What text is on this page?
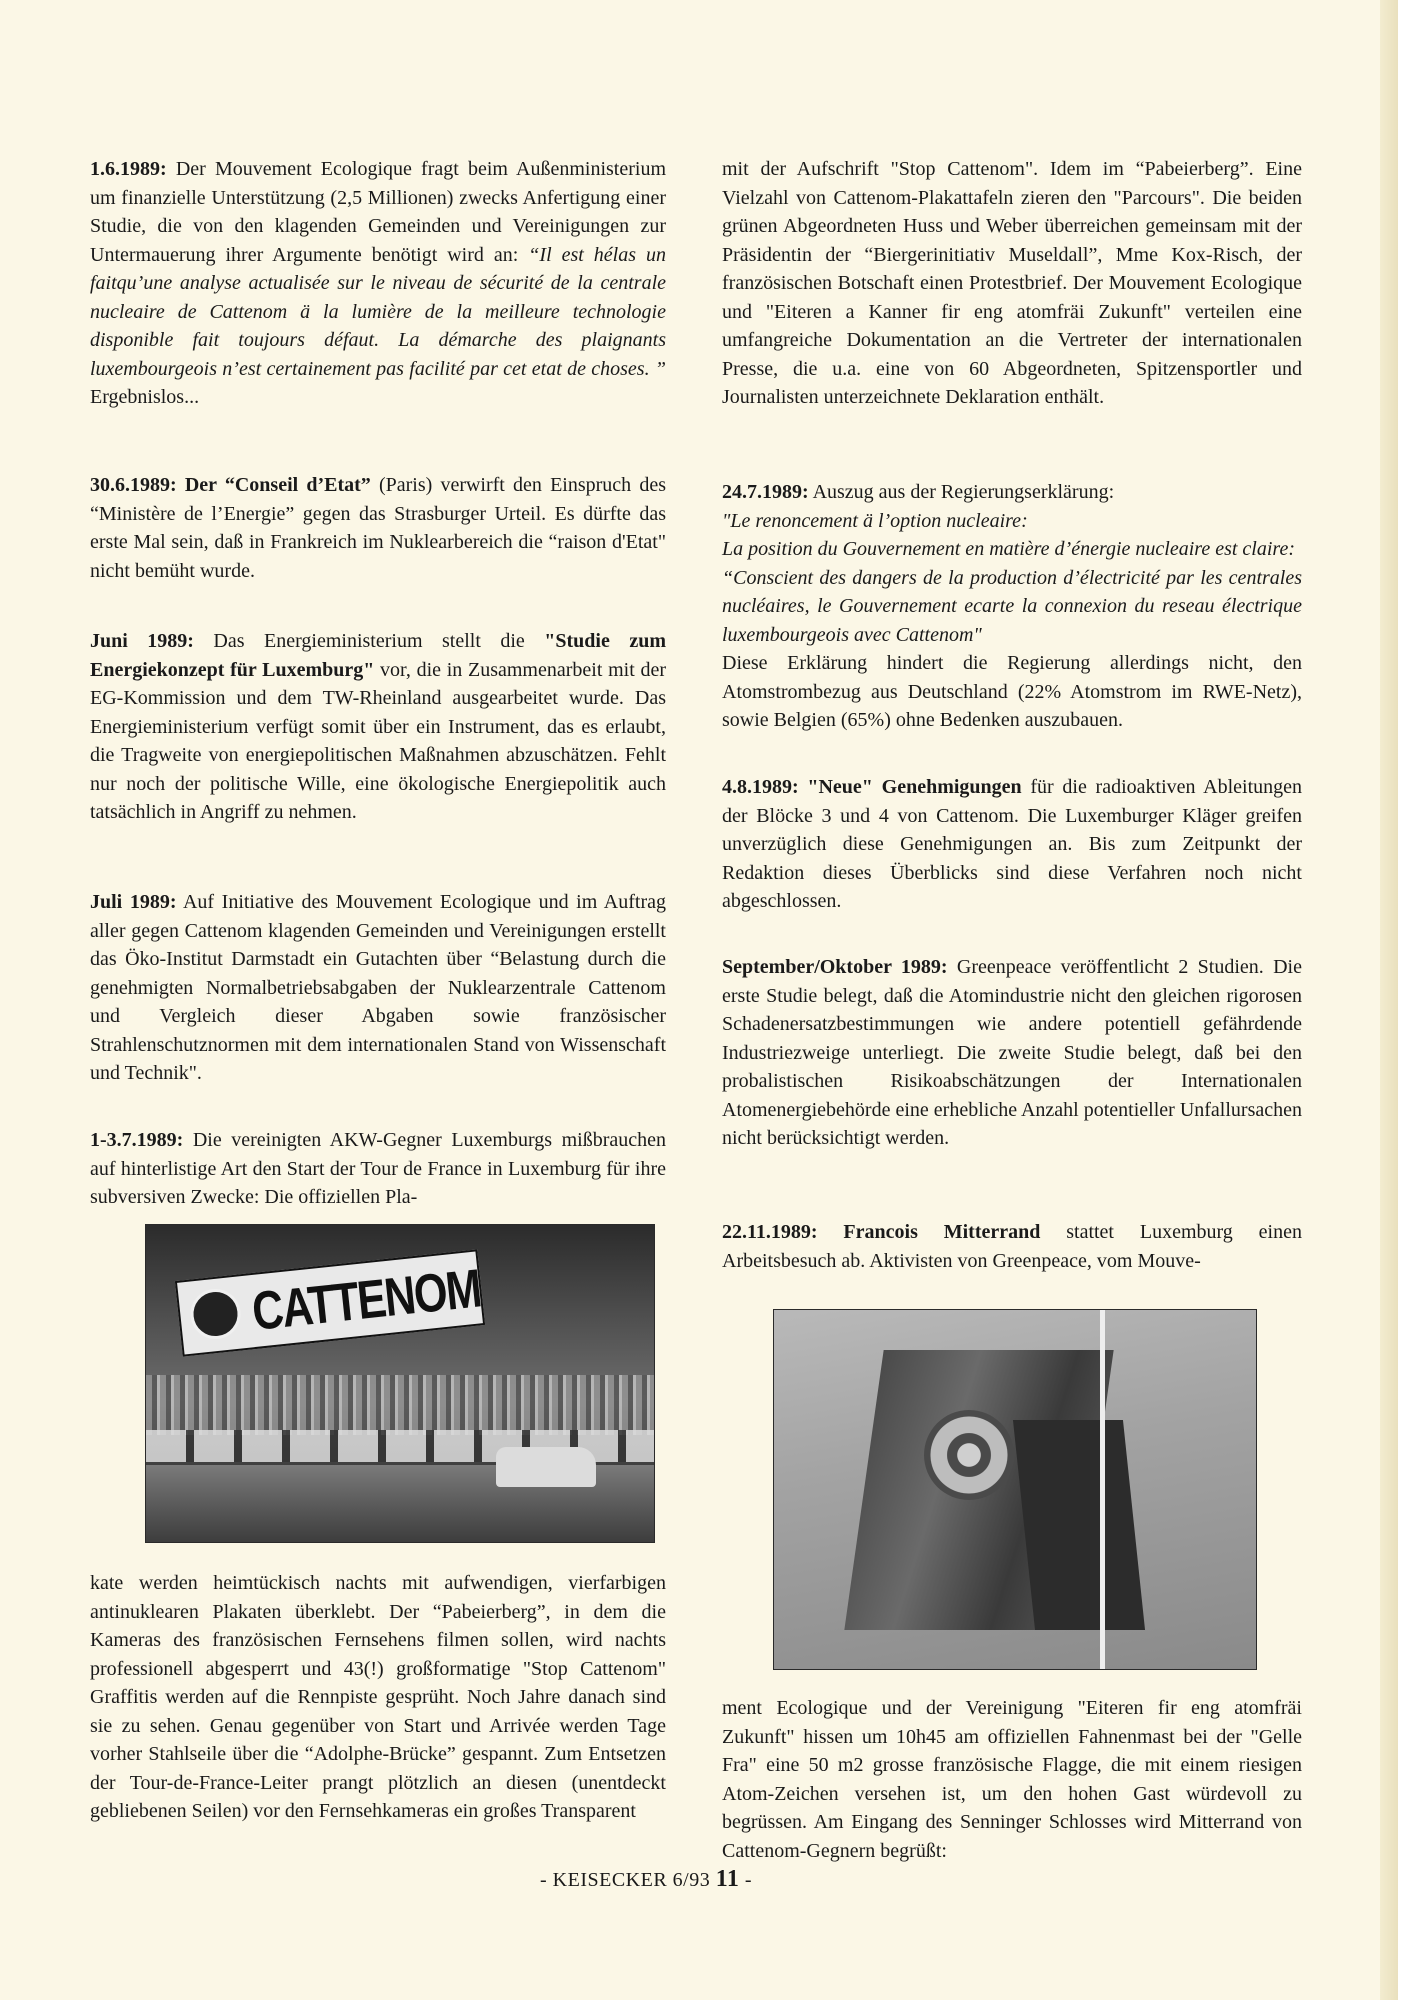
1.6.1989: Der Mouvement Ecologique fragt beim Außenministerium um finanzielle Unterstützung (2,5 Millionen) zwecks Anfertigung einer Studie, die von den klagenden Gemeinden und Vereinigungen zur Untermauerung ihrer Argumente benötigt wird an: “Il est hélas un faitqu’une analyse actualisée sur le niveau de sécurité de la centrale nucleaire de Cattenom ä la lumière de la meilleure technologie disponible fait toujours défaut. La démarche des plaignants luxembourgeois n’est certainement pas facilité par cet etat de choses. ” Ergebnislos...

30.6.1989: Der “Conseil d’Etat” (Paris) verwirft den Einspruch des “Ministère de l’Energie” gegen das Strasburger Urteil. Es dürfte das erste Mal sein, daß in Frankreich im Nuklearbereich die “raison d'Etat" nicht bemüht wurde.

Juni 1989: Das Energieministerium stellt die "Studie zum Energiekonzept für Luxemburg" vor, die in Zusammenarbeit mit der EG-Kommission und dem TW-Rheinland ausgearbeitet wurde. Das Energieministerium verfügt somit über ein Instrument, das es erlaubt, die Tragweite von energiepolitischen Maßnahmen abzuschätzen. Fehlt nur noch der politische Wille, eine ökologische Energiepolitik auch tatsächlich in Angriff zu nehmen.

Juli 1989: Auf Initiative des Mouvement Ecologique und im Auftrag aller gegen Cattenom klagenden Gemeinden und Vereinigungen erstellt das Öko-Institut Darmstadt ein Gutachten über “Belastung durch die genehmigten Normalbetriebsabgaben der Nuklearzentrale Cattenom und Vergleich dieser Abgaben sowie französischer Strahlenschutznormen mit dem internationalen Stand von Wissenschaft und Technik".

1-3.7.1989: Die vereinigten AKW-Gegner Luxemburgs mißbrauchen auf hinterlistige Art den Start der Tour de France in Luxemburg für ihre subversiven Zwecke: Die offiziellen Pla-

kate werden heimtückisch nachts mit aufwendigen, vierfarbigen antinuklearen Plakaten überklebt. Der “Pabeierberg”, in dem die Kameras des französischen Fernsehens filmen sollen, wird nachts professionell abgesperrt und 43(!) großformatige "Stop Cattenom" Graffitis werden auf die Rennpiste gesprüht. Noch Jahre danach sind sie zu sehen. Genau gegenüber von Start und Arrivée werden Tage vorher Stahlseile über die “Adolphe-Brücke” gespannt. Zum Entsetzen der Tour-de-France-Leiter prangt plötzlich an diesen (unentdeckt gebliebenen Seilen) vor den Fernsehkameras ein großes Transparent

CATTENOM

mit der Aufschrift "Stop Cattenom". Idem im “Pabeierberg”. Eine Vielzahl von Cattenom-Plakattafeln zieren den "Parcours". Die beiden grünen Abgeordneten Huss und Weber überreichen gemeinsam mit der Präsidentin der “Biergerinitiativ Museldall”, Mme Kox-Risch, der französischen Botschaft einen Protestbrief. Der Mouvement Ecologique und "Eiteren a Kanner fir eng atomfräi Zukunft" verteilen eine umfangreiche Dokumentation an die Vertreter der internationalen Presse, die u.a. eine von 60 Abgeordneten, Spitzensportler und Journalisten unterzeichnete Deklaration enthält.

24.7.1989: Auszug aus der Regierungserklärung:
"Le renoncement ä l’option nucleaire:
La position du Gouvernement en matière d’énergie nucleaire est claire:
“Conscient des dangers de la production d’électricité par les centrales nucléaires, le Gouvernement ecarte la connexion du reseau électrique luxembourgeois avec Cattenom"
Diese Erklärung hindert die Regierung allerdings nicht, den Atomstrombezug aus Deutschland (22% Atomstrom im RWE-Netz), sowie Belgien (65%) ohne Bedenken auszubauen.

4.8.1989: "Neue" Genehmigungen für die radioaktiven Ableitungen der Blöcke 3 und 4 von Cattenom. Die Luxemburger Kläger greifen unverzüglich diese Genehmigungen an. Bis zum Zeitpunkt der Redaktion dieses Überblicks sind diese Verfahren noch nicht abgeschlossen.

September/Oktober 1989: Greenpeace veröffentlicht 2 Studien. Die erste Studie belegt, daß die Atomindustrie nicht den gleichen rigorosen Schadenersatzbestimmungen wie andere potentiell gefährdende Industriezweige unterliegt. Die zweite Studie belegt, daß bei den probalistischen Risikoabschätzungen der Internationalen Atomenergiebehörde eine erhebliche Anzahl potentieller Unfallursachen nicht berücksichtigt werden.

22.11.1989: Francois Mitterrand stattet Luxemburg einen Arbeitsbesuch ab. Aktivisten von Greenpeace, vom Mouve-

ment Ecologique und der Vereinigung "Eiteren fir eng atomfräi Zukunft" hissen um 10h45 am offiziellen Fahnenmast bei der "Gelle Fra" eine 50 m2 grosse französische Flagge, die mit einem riesigen Atom-Zeichen versehen ist, um den hohen Gast würdevoll zu begrüssen. Am Eingang des Senninger Schlosses wird Mitterrand von Cattenom-Gegnern begrüßt:

- KEISECKER 6/93 11 -
